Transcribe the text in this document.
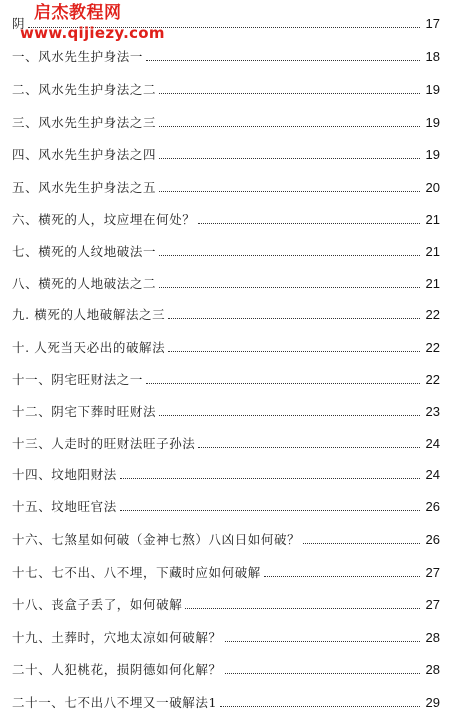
阴	17
一、风水先生护身法一	18
二、风水先生护身法之二	19
三、风水先生护身法之三	19
四、风水先生护身法之四	19
五、风水先生护身法之五	20
六、横死的人，坟应埋在何处？	21
七、横死的人纹地破法一	21
八、横死的人地破法之二	21
九. 横死的人地破解法之三	22
十. 人死当天必出的破解法	22
十一、阴宅旺财法之一	22
十二、阴宅下葬时旺财法	23
十三、人走时的旺财法旺子孙法	24
十四、坟地阳财法	24
十五、坟地旺官法	26
十六、七煞星如何破（金神七熬）八凶日如何破？	26
十七、七不出、八不埋，下藏时应如何破解	27
十八、丧盒子丢了，如何破解	27
十九、土葬时，穴地太凉如何破解？	28
二十、人犯桃花，损阴德如何化解？	28
二十一、七不出八不埋又一破解法1	29
启杰教程网
www.qijiezy.com
